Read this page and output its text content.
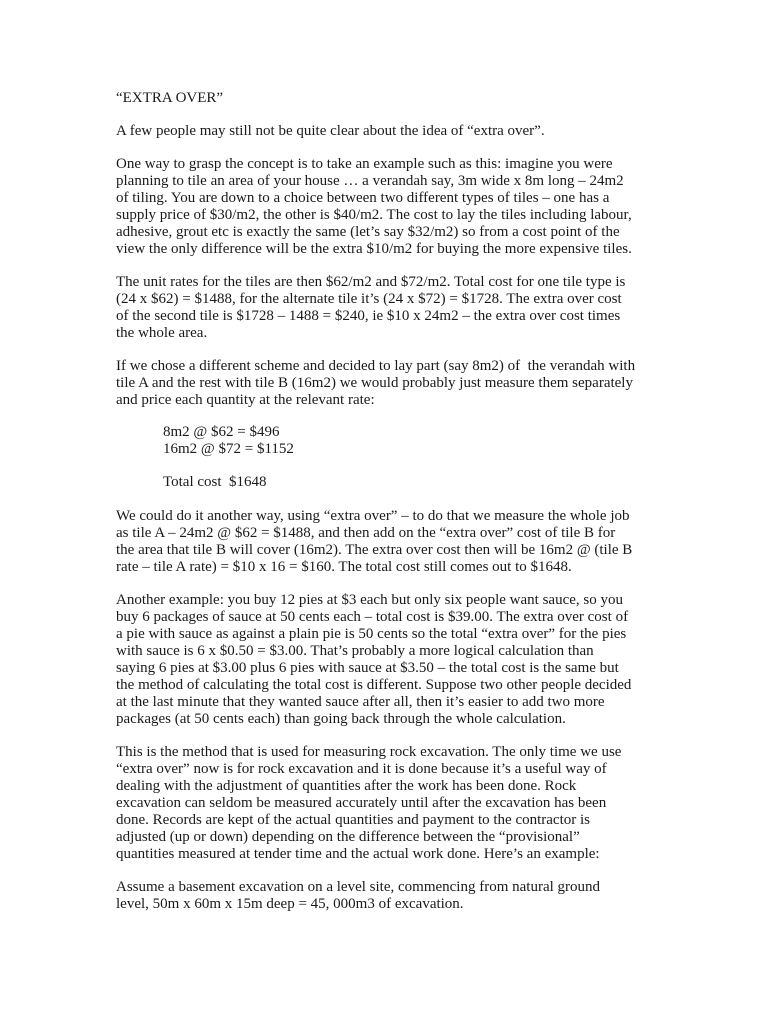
“EXTRA OVER”
A few people may still not be quite clear about the idea of “extra over”.
One way to grasp the concept is to take an example such as this: imagine you were
planning to tile an area of your house … a verandah say, 3m wide x 8m long – 24m2
of tiling. You are down to a choice between two different types of tiles – one has a
supply price of $30/m2, the other is $40/m2. The cost to lay the tiles including labour,
adhesive, grout etc is exactly the same (let’s say $32/m2) so from a cost point of the
view the only difference will be the extra $10/m2 for buying the more expensive tiles.
The unit rates for the tiles are then $62/m2 and $72/m2. Total cost for one tile type is
(24 x $62) = $1488, for the alternate tile it’s (24 x $72) = $1728. The extra over cost
of the second tile is $1728 – 1488 = $240, ie $10 x 24m2 – the extra over cost times
the whole area.
If we chose a different scheme and decided to lay part (say 8m2) of  the verandah with
tile A and the rest with tile B (16m2) we would probably just measure them separately
and price each quantity at the relevant rate:
8m2 @ $62 = $496
16m2 @ $72 = $1152
Total cost  $1648
We could do it another way, using “extra over” – to do that we measure the whole job
as tile A – 24m2 @ $62 = $1488, and then add on the “extra over” cost of tile B for
the area that tile B will cover (16m2). The extra over cost then will be 16m2 @ (tile B
rate – tile A rate) = $10 x 16 = $160. The total cost still comes out to $1648.
Another example: you buy 12 pies at $3 each but only six people want sauce, so you
buy 6 packages of sauce at 50 cents each – total cost is $39.00. The extra over cost of
a pie with sauce as against a plain pie is 50 cents so the total “extra over” for the pies
with sauce is 6 x $0.50 = $3.00. That’s probably a more logical calculation than
saying 6 pies at $3.00 plus 6 pies with sauce at $3.50 – the total cost is the same but
the method of calculating the total cost is different. Suppose two other people decided
at the last minute that they wanted sauce after all, then it’s easier to add two more
packages (at 50 cents each) than going back through the whole calculation.
This is the method that is used for measuring rock excavation. The only time we use
“extra over” now is for rock excavation and it is done because it’s a useful way of
dealing with the adjustment of quantities after the work has been done. Rock
excavation can seldom be measured accurately until after the excavation has been
done. Records are kept of the actual quantities and payment to the contractor is
adjusted (up or down) depending on the difference between the “provisional”
quantities measured at tender time and the actual work done. Here’s an example:
Assume a basement excavation on a level site, commencing from natural ground
level, 50m x 60m x 15m deep = 45, 000m3 of excavation.
